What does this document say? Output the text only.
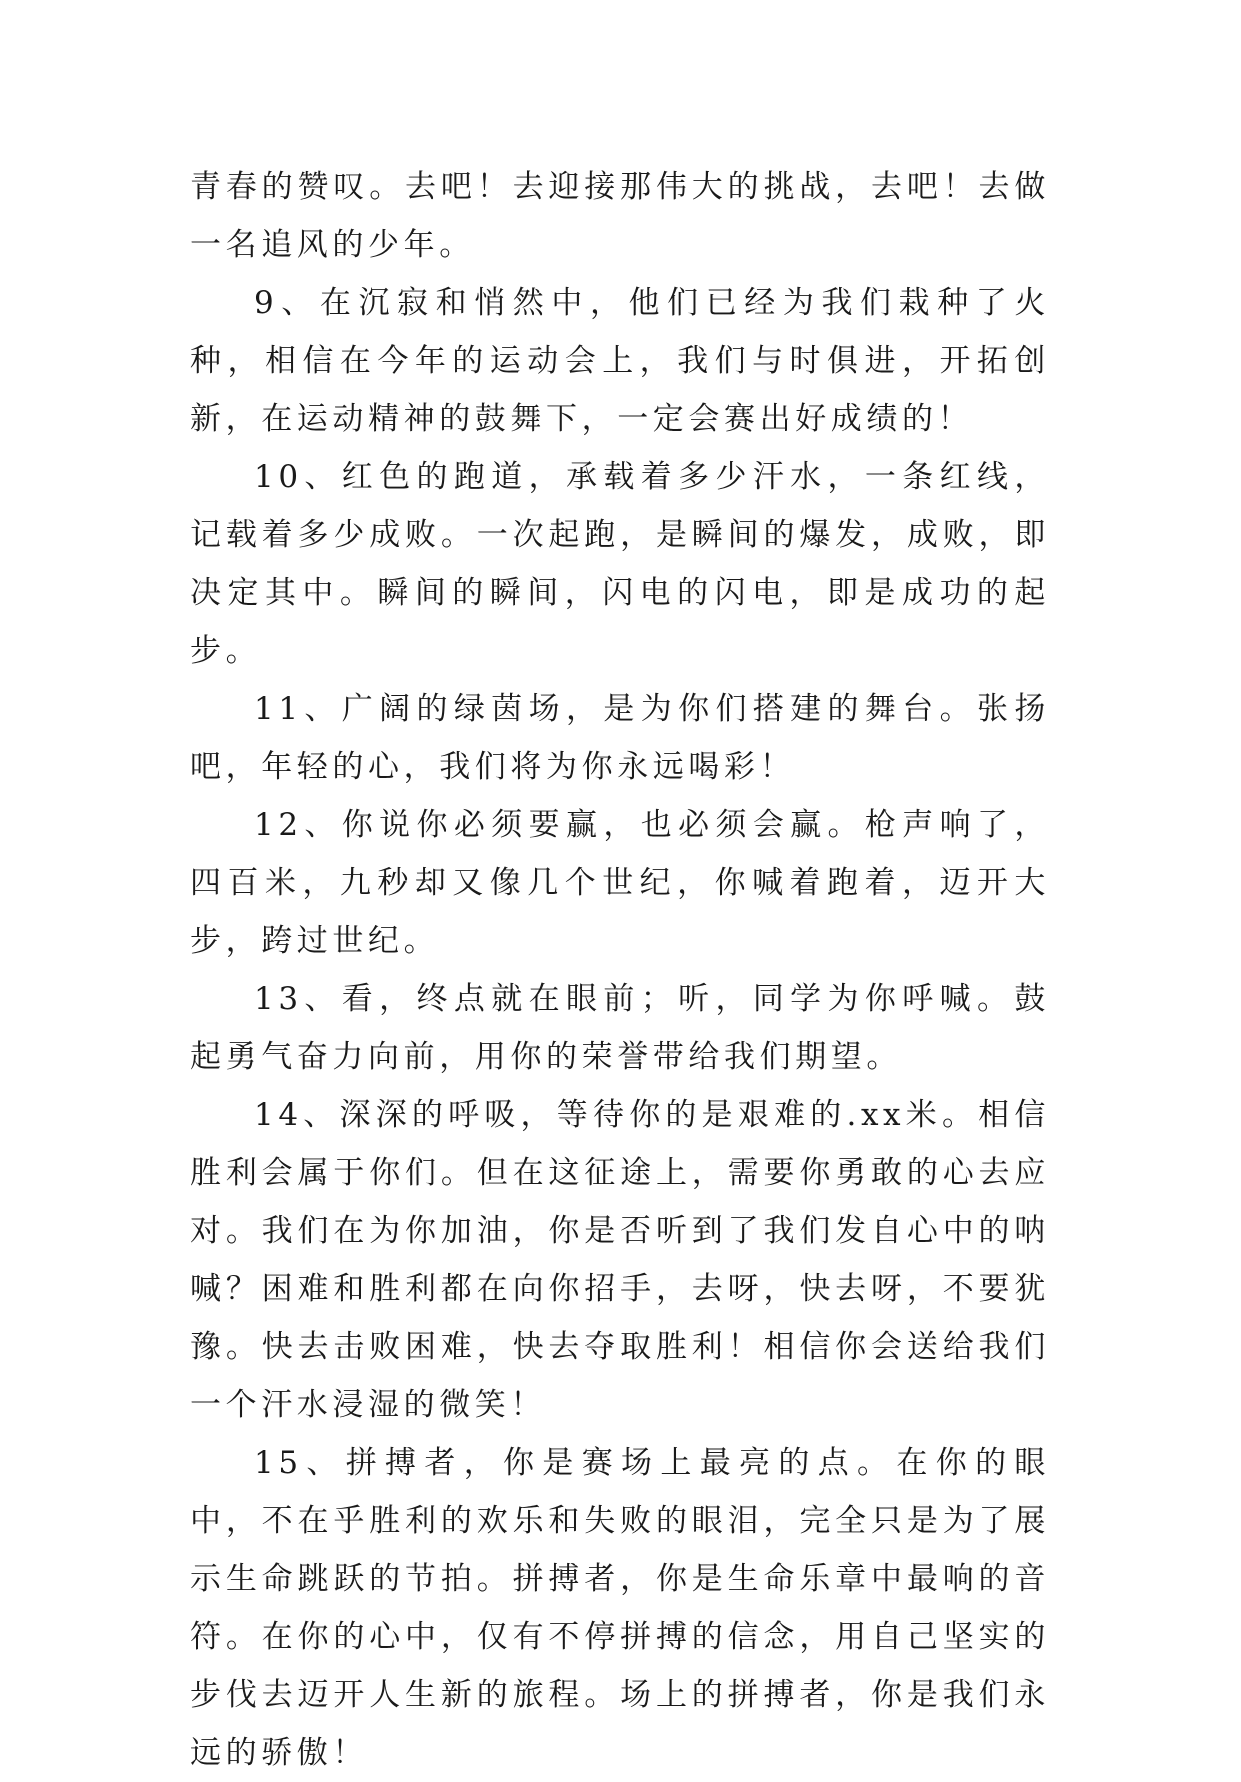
青春的赞叹。去吧！去迎接那伟大的挑战，去吧！去做一名追风的少年。

9、在沉寂和悄然中，他们已经为我们栽种了火种，相信在今年的运动会上，我们与时俱进，开拓创新，在运动精神的鼓舞下，一定会赛出好成绩的！

10、红色的跑道，承载着多少汗水，一条红线，记载着多少成败。一次起跑，是瞬间的爆发，成败，即决定其中。瞬间的瞬间，闪电的闪电，即是成功的起步。

11、广阔的绿茵场，是为你们搭建的舞台。张扬吧，年轻的心，我们将为你永远喝彩！

12、你说你必须要赢，也必须会赢。枪声响了，四百米，九秒却又像几个世纪，你喊着跑着，迈开大步，跨过世纪。

13、看，终点就在眼前；听，同学为你呼喊。鼓起勇气奋力向前，用你的荣誉带给我们期望。

14、深深的呼吸，等待你的是艰难的.xx米。相信胜利会属于你们。但在这征途上，需要你勇敢的心去应对。我们在为你加油，你是否听到了我们发自心中的呐喊？困难和胜利都在向你招手，去呀，快去呀，不要犹豫。快去击败困难，快去夺取胜利！相信你会送给我们一个汗水浸湿的微笑！

15、拼搏者，你是赛场上最亮的点。在你的眼中，不在乎胜利的欢乐和失败的眼泪，完全只是为了展示生命跳跃的节拍。拼搏者，你是生命乐章中最响的音符。在你的心中，仅有不停拼搏的信念，用自己坚实的步伐去迈开人生新的旅程。场上的拼搏者，你是我们永远的骄傲！
